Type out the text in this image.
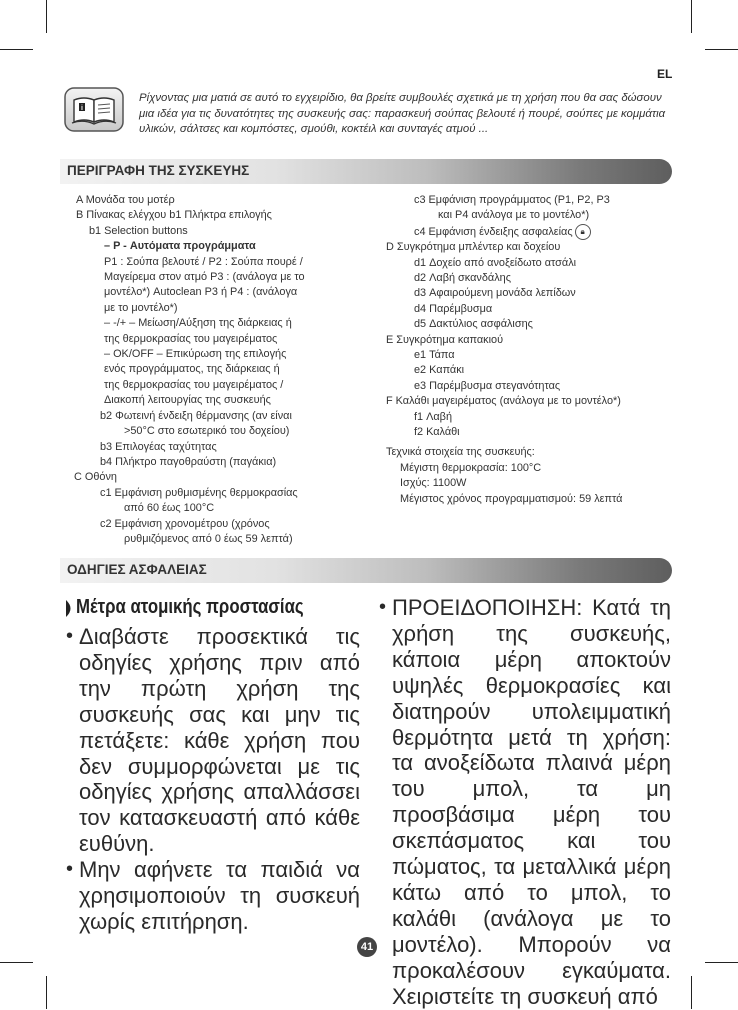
EL
i
Ρίχνοντας μια ματιά σε αυτό το εγχειρίδιο, θα βρείτε συμβουλές σχετικά με τη χρήση που θα σας δώσουν μια ιδέα για τις δυνατότητες της συσκευής σας: παρασκευή σούπας βελουτέ ή πουρέ, σούπες με κομμάτια υλικών, σάλτσες και κομπόστες, σμούθι, κοκτέιλ και συνταγές ατμού ...
ΠΕΡΙΓΡΑΦΗ ΤΗΣ ΣΥΣΚΕΥΗΣ
A Μονάδα του μοτέρ
B Πίνακας ελέγχου b1 Πλήκτρα επιλογής
b1 Selection buttons
– P - Αυτόματα προγράμματα
P1 : Σούπα βελουτέ / P2 : Σούπα πουρέ /
Μαγείρεμα στον ατμό P3 : (ανάλογα με το
μοντέλο*) Autoclean P3 ή P4 : (ανάλογα
με το μοντέλο*)
– -/+ – Μείωση/Αύξηση της διάρκειας ή
της θερμοκρασίας του μαγειρέματος
– OK/OFF – Επικύρωση της επιλογής
ενός προγράμματος, της διάρκειας ή
της θερμοκρασίας του μαγειρέματος /
Διακοπή λειτουργίας της συσκευής
b2 Φωτεινή ένδειξη θέρμανσης (αν είναι
>50°C στο εσωτερικό του δοχείου)
b3 Επιλογέας ταχύτητας
b4 Πλήκτρο παγοθραύστη (παγάκια)
C Οθόνη
c1 Εμφάνιση ρυθμισμένης θερμοκρασίας
από 60 έως 100°C
c2 Εμφάνιση χρονομέτρου (χρόνος
ρυθμιζόμενος από 0 έως 59 λεπτά)
c3 Εμφάνιση προγράμματος (P1, P2, P3
και P4 ανάλογα με το μοντέλο*)
c4 Εμφάνιση ένδειξης ασφαλείας 🔒︎
D Συγκρότημα μπλέντερ και δοχείου
d1 Δοχείο από ανοξείδωτο ατσάλι
d2 Λαβή σκανδάλης
d3 Αφαιρούμενη μονάδα λεπίδων
d4 Παρέμβυσμα
d5 Δακτύλιος ασφάλισης
E Συγκρότημα καπακιού
e1 Τάπα
e2 Καπάκι
e3 Παρέμβυσμα στεγανότητας
F Καλάθι μαγειρέματος (ανάλογα με το μοντέλο*)
f1 Λαβή
f2 Καλάθι
Τεχνικά στοιχεία της συσκευής:
Μέγιστη θερμοκρασία: 100°C
Ισχύς: 1100W
Μέγιστος χρόνος προγραμματισμού: 59 λεπτά
ΟΔΗΓΙΕΣ ΑΣΦΑΛΕΙΑΣ
Μέτρα ατομικής προστασίας
• Διαβάστε προσεκτικά τις οδηγίες χρήσης πριν από την πρώτη χρήση της συσκευής σας και μην τις πετάξετε: κάθε χρήση που δεν συμμορφώνεται με τις οδηγίες χρήσης απαλλάσσει τον κατασκευαστή από κάθε ευθύνη.

• Μην αφήνετε τα παιδιά να χρησιμοποιούν τη συσκευή χωρίς επιτήρηση.

• ΠΡΟΕΙΔΟΠΟΙΗΣΗ: Κατά τη χρήση της συσκευής, κάποια μέρη αποκτούν υψηλές θερμοκρασίες και διατηρούν υπολειμματική θερμότητα μετά τη χρήση: τα ανοξείδωτα πλαινά μέρη του μπολ, τα μη προσβάσιμα μέρη του σκεπάσματος και του πώματος, τα μεταλλικά μέρη κάτω από το μπολ, το καλάθι (ανάλογα με το μοντέλο). Μπορούν να προκαλέσουν εγκαύματα. Χειριστείτε τη συσκευή από

41
